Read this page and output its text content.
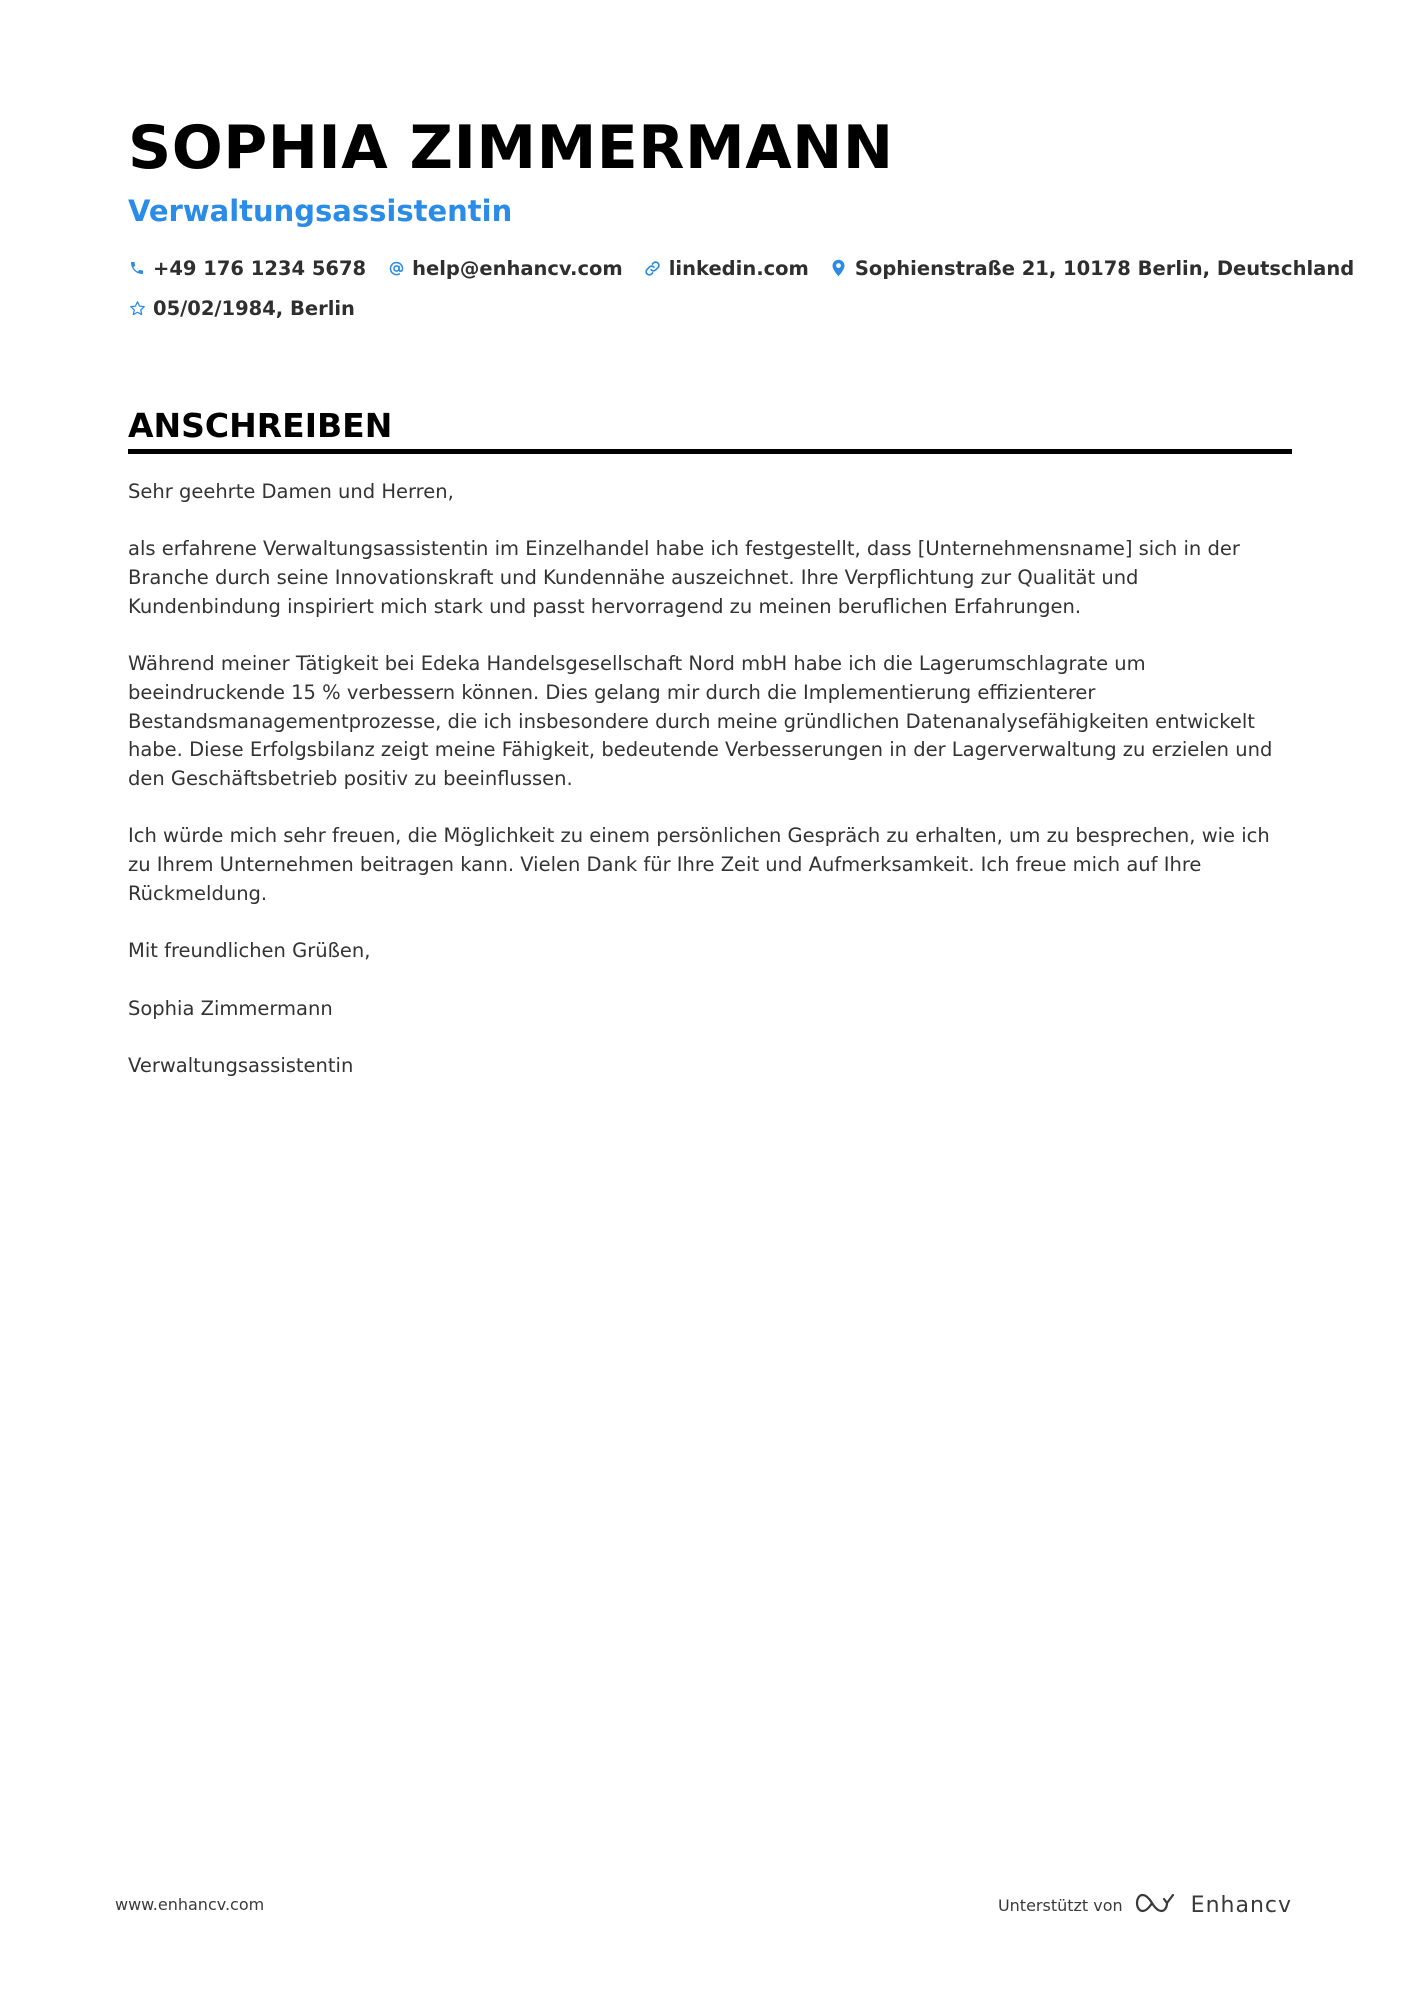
SOPHIA ZIMMERMANN
Verwaltungsassistentin
+49 176 1234 5678 help@enhancv.com linkedin.com Sophienstraße 21, 10178 Berlin, Deutschland
05/02/1984, Berlin
ANSCHREIBEN

Sehr geehrte Damen und Herren,

als erfahrene Verwaltungsassistentin im Einzelhandel habe ich festgestellt, dass [Unternehmensname] sich in der Branche durch seine Innovationskraft und Kundennähe auszeichnet. Ihre Verpflichtung zur Qualität und Kundenbindung inspiriert mich stark und passt hervorragend zu meinen beruflichen Erfahrungen.

Während meiner Tätigkeit bei Edeka Handelsgesellschaft Nord mbH habe ich die Lagerumschlagrate um beeindruckende 15 % verbessern können. Dies gelang mir durch die Implementierung effizienterer Bestandsmanagementprozesse, die ich insbesondere durch meine gründlichen Datenanalysefähigkeiten entwickelt habe. Diese Erfolgsbilanz zeigt meine Fähigkeit, bedeutende Verbesserungen in der Lagerverwaltung zu erzielen und den Geschäftsbetrieb positiv zu beeinflussen.

Ich würde mich sehr freuen, die Möglichkeit zu einem persönlichen Gespräch zu erhalten, um zu besprechen, wie ich zu Ihrem Unternehmen beitragen kann. Vielen Dank für Ihre Zeit und Aufmerksamkeit. Ich freue mich auf Ihre Rückmeldung.

Mit freundlichen Grüßen,

Sophia Zimmermann

Verwaltungsassistentin

www.enhancv.com	Unterstützt von	Enhancv
